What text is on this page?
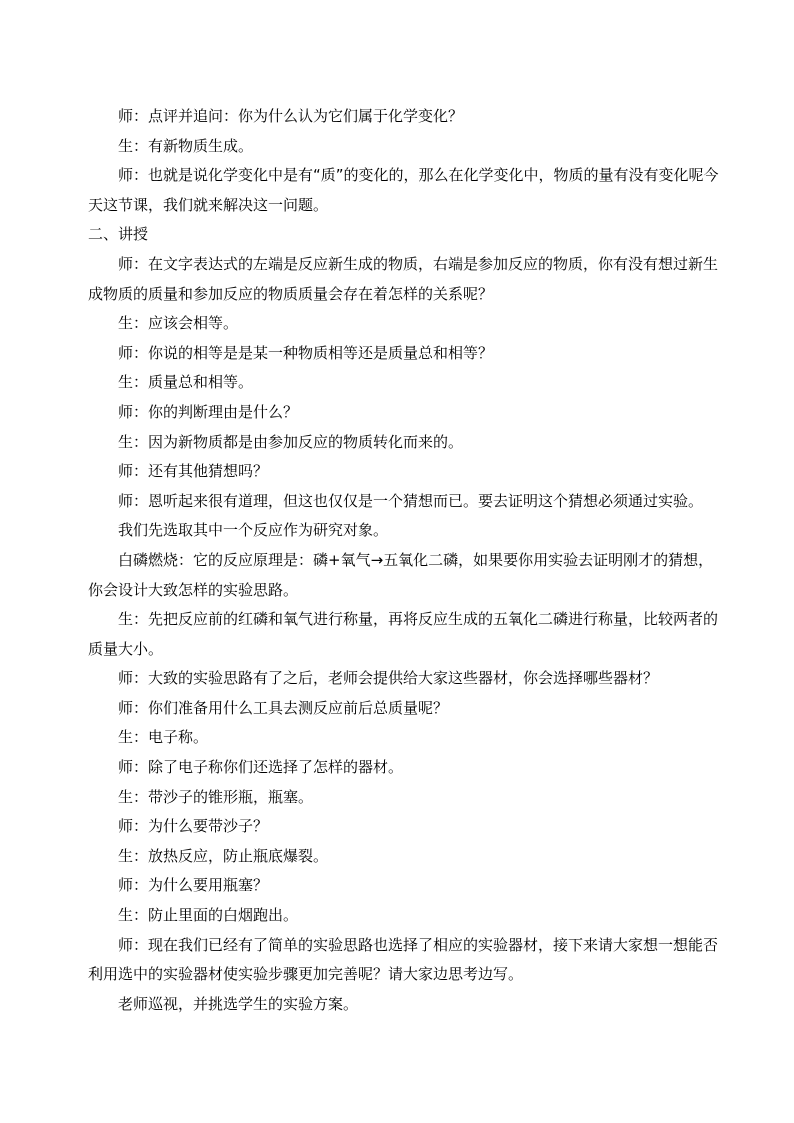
师：点评并追问：你为什么认为它们属于化学变化？

生：有新物质生成。

师：也就是说化学变化中是有“质”的变化的，那么在化学变化中，物质的量有没有变化呢今天这节课，我们就来解决这一问题。

二、讲授

师：在文字表达式的左端是反应新生成的物质，右端是参加反应的物质，你有没有想过新生成物质的质量和参加反应的物质质量会存在着怎样的关系呢？

生：应该会相等。

师：你说的相等是是某一种物质相等还是质量总和相等？

生：质量总和相等。

师：你的判断理由是什么？

生：因为新物质都是由参加反应的物质转化而来的。

师：还有其他猜想吗？

师：恩听起来很有道理，但这也仅仅是一个猜想而已。要去证明这个猜想必须通过实验。

我们先选取其中一个反应作为研究对象。

白磷燃烧：它的反应原理是：磷+氧气→五氧化二磷，如果要你用实验去证明刚才的猜想，你会设计大致怎样的实验思路。

生：先把反应前的红磷和氧气进行称量，再将反应生成的五氧化二磷进行称量，比较两者的质量大小。

师：大致的实验思路有了之后，老师会提供给大家这些器材，你会选择哪些器材？

师：你们准备用什么工具去测反应前后总质量呢？

生：电子称。

师：除了电子称你们还选择了怎样的器材。

生：带沙子的锥形瓶，瓶塞。

师：为什么要带沙子？

生：放热反应，防止瓶底爆裂。

师：为什么要用瓶塞？

生：防止里面的白烟跑出。

师：现在我们已经有了简单的实验思路也选择了相应的实验器材，接下来请大家想一想能否利用选中的实验器材使实验步骤更加完善呢？请大家边思考边写。

老师巡视，并挑选学生的实验方案。
